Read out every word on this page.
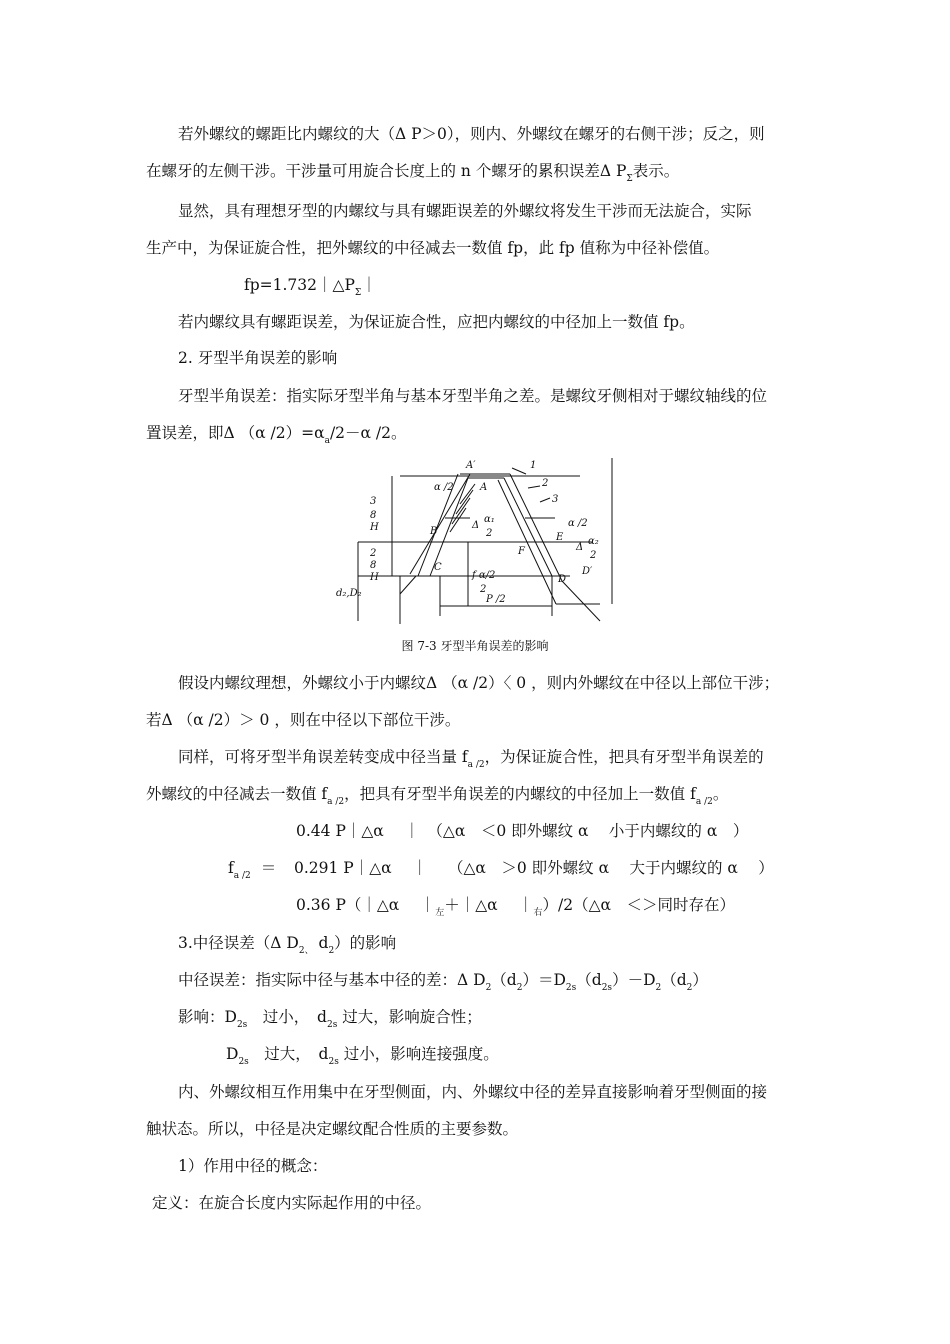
若外螺纹的螺距比内螺纹的大（Δ P＞0），则内、外螺纹在螺牙的右侧干涉；反之，则
在螺牙的左侧干涉。干涉量可用旋合长度上的 n 个螺牙的累积误差Δ $P_\Sigma$表示。
显然，具有理想牙型的内螺纹与具有螺距误差的外螺纹将发生干涉而无法旋合，实际
生产中，为保证旋合性，把外螺纹的中径减去一数值 fp，此 fp 值称为中径补偿值。
$fp=1.732|\triangle P_\Sigma|$
若内螺纹具有螺距误差，为保证旋合性，应把内螺纹的中径加上一数值 fp。
2. 牙型半角误差的影响
牙型半角误差：指实际牙型半角与基本牙型半角之差。是螺纹牙侧相对于螺纹轴线的位
置误差，即Δ （α $/2)=\alpha_a/2-\alpha$ /2。
A′
A
α /2
B
C
D
D′
E
F
1
2
3
α /2
Δ
α₁
2
Δ
α₂
2
3
8
H
2
8
H
d₂,D₂
f α/2
2
P /2
图 7-3 牙型半角误差的影响
假设内螺纹理想，外螺纹小于内螺纹Δ （α /2）〈 0 ，则内外螺纹在中径以上部位干涉；
若Δ （α /2）＞ 0 ，则在中径以下部位干涉。
同样，可将牙型半角误差转变成中径当量 $f_{a /2}$，为保证旋合性，把具有牙型半角误差的
外螺纹的中径减去一数值 $f_{a /2}$，把具有牙型半角误差的内螺纹的中径加上一数值 $f_{a /2}$。
0.44 P｜△α　 ｜　（△α　＜0 即外螺纹 α　 小于内螺纹的 α　）
$f_{a /2} = 0.291$ P｜△α　 ｜　 （△α　＞0 即外螺纹 α　 大于内螺纹的 α　 ）
0.36 P（｜△α　 $|_左+|\triangle\alpha$　 $|_右)/2(\triangle\alpha$　＜＞同时存在）
3.中径误差（Δ $D_{2、}$ $d_2$）的影响
中径误差：指实际中径与基本中径的差：Δ $D_2(d_2)=D_{2s}(d_{2s})-D_2(d_2)$
影响：$D_{2s}$　过小，　$d_{2s}$ 过大，影响旋合性；
$D_{2s}$　过大，　$d_{2s}$ 过小，影响连接强度。
内、外螺纹相互作用集中在牙型侧面，内、外螺纹中径的差异直接影响着牙型侧面的接
触状态。所以，中径是决定螺纹配合性质的主要参数。
1）作用中径的概念：
定义：在旋合长度内实际起作用的中径。
